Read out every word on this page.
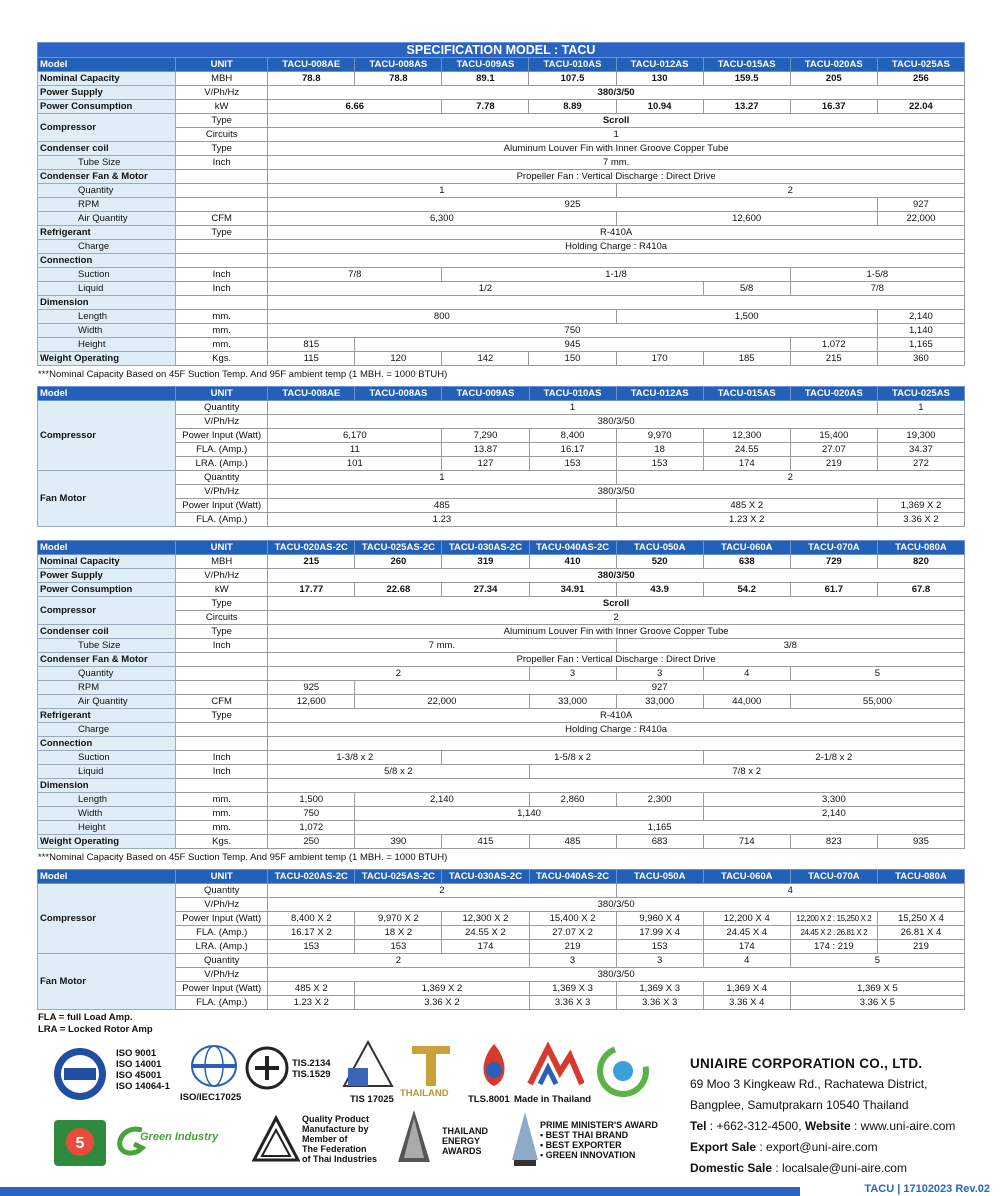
SPECIFICATION MODEL : TACU									
Model	UNIT	TACU-008AE	TACU-008AS	TACU-009AS	TACU-010AS	TACU-012AS	TACU-015AS	TACU-020AS	TACU-025AS
Nominal Capacity	MBH	78.8	78.8	89.1	107.5	130	159.5	205	256
Power Supply	V/Ph/Hz	380/3/50							
Power Consumption	kW	6.66		7.78	8.89	10.94	13.27	16.37	22.04
Compressor	Type	Scroll							
	Circuits	1							
Condenser coil	Type	Aluminum Louver Fin with Inner Groove Copper Tube							
Tube Size	Inch	7 mm.							
Condenser Fan & Motor		Propeller Fan : Vertical Discharge : Direct Drive							
Quantity		1				2			
RPM		925							927
Air Quantity	CFM	6,300				12,600			22,000
Refrigerant	Type	R-410A							
Charge		Holding Charge : R410a							
Connection									
Suction	Inch	7/8		1-1/8				1-5/8	
Liquid	Inch	1/2					5/8	7/8	
Dimension									
Length	mm.	800				1,500			2,140
Width	mm.	750							1,140
Height	mm.	815	945					1,072	1,165
Weight Operating	Kgs.	115	120	142	150	170	185	215	360
***Nominal Capacity Based on 45F Suction Temp. And 95F ambient temp (1 MBH. = 1000 BTUH)
Model	UNIT	TACU-008AE	TACU-008AS	TACU-009AS	TACU-010AS	TACU-012AS	TACU-015AS	TACU-020AS	TACU-025AS
Compressor	Quantity	1							1
	V/Ph/Hz	380/3/50							
	Power Input (Watt)	6,170		7,290	8,400	9,970	12,300	15,400	19,300
	FLA. (Amp.)	11		13.87	16.17	18	24.55	27.07	34.37
	LRA. (Amp.)	101		127	153	153	174	219	272
Fan Motor	Quantity	1				2			
	V/Ph/Hz	380/3/50							
	Power Input (Watt)	485				485 X 2			1,369 X 2
	FLA. (Amp.)	1.23				1.23 X 2			3.36 X 2
Model	UNIT	TACU-020AS-2C	TACU-025AS-2C	TACU-030AS-2C	TACU-040AS-2C	TACU-050A	TACU-060A	TACU-070A	TACU-080A
Nominal Capacity	MBH	215	260	319	410	520	638	729	820
Power Supply	V/Ph/Hz	380/3/50							
Power Consumption	kW	17.77	22.68	27.34	34.91	43.9	54.2	61.7	67.8
Compressor	Type	Scroll							
	Circuits	2							
Condenser coil	Type	Aluminum Louver Fin with Inner Groove Copper Tube							
Tube Size	Inch	7 mm.				3/8			
Condenser Fan & Motor		Propeller Fan : Vertical Discharge : Direct Drive							
Quantity		2			3	3	4	5	
RPM		925	927						
Air Quantity	CFM	12,600	22,000		33,000	33,000	44,000	55,000	
Refrigerant	Type	R-410A							
Charge		Holding Charge : R410a							
Connection									
Suction	Inch	1-3/8 x 2		1-5/8 x 2			2-1/8 x 2		
Liquid	Inch	5/8 x 2			7/8 x 2				
Dimension									
Length	mm.	1,500	2,140		2,860	2,300	3,300		
Width	mm.	750	1,140				2,140		
Height	mm.	1,072	1,165						
Weight Operating	Kgs.	250	390	415	485	683	714	823	935
***Nominal Capacity Based on 45F Suction Temp. And 95F ambient temp (1 MBH. = 1000 BTUH)
Model	UNIT	TACU-020AS-2C	TACU-025AS-2C	TACU-030AS-2C	TACU-040AS-2C	TACU-050A	TACU-060A	TACU-070A	TACU-080A
Compressor	Quantity	2				4			
	V/Ph/Hz	380/3/50							
	Power Input (Watt)	8,400 X 2	9,970 X 2	12,300 X 2	15,400 X 2	9,960 X 4	12,200 X 4	12,200 X 2 : 15,250 X 2	15,250 X 4
	FLA. (Amp.)	16.17 X 2	18 X 2	24.55 X 2	27.07 X 2	17.99 X 4	24.45 X 4	24.45 X 2 : 26.81 X 2	26.81 X 4
	LRA. (Amp.)	153	153	174	219	153	174	174 : 219	219
Fan Motor	Quantity	2			3	3	4	5	
	V/Ph/Hz	380/3/50							
	Power Input (Watt)	485 X 2	1,369 X 2		1,369 X 3	1,369 X 3	1,369 X 4	1,369 X 5	
	FLA. (Amp.)	1.23 X 2	3.36 X 2		3.36 X 3	3.36 X 3	3.36 X 4	3.36 X 5	
FLA = full Load Amp.
LRA = Locked Rotor Amp
ISO 9001
ISO 14001
ISO 45001
ISO 14064-1
ISO/IEC17025
TIS.2134
TIS.1529
TIS 17025
THAILAND
TLS.8001 Made in Thailand
5	Green Industry
Quality Product
Manufacture by
Member of
The Federation
of Thai Industries
THAILAND
ENERGY
AWARDS
PRIME MINISTER'S AWARD
• BEST THAI BRAND
• BEST EXPORTER
• GREEN INNOVATION
UNIAIRE CORPORATION CO., LTD.
69 Moo 3 Kingkeaw Rd., Rachatewa District,
Bangplee, Samutprakarn 10540 Thailand
Tel : +662-312-4500, Website : www.uni-aire.com
Export Sale : export@uni-aire.com
Domestic Sale : localsale@uni-aire.com
TACU | 17102023 Rev.02
